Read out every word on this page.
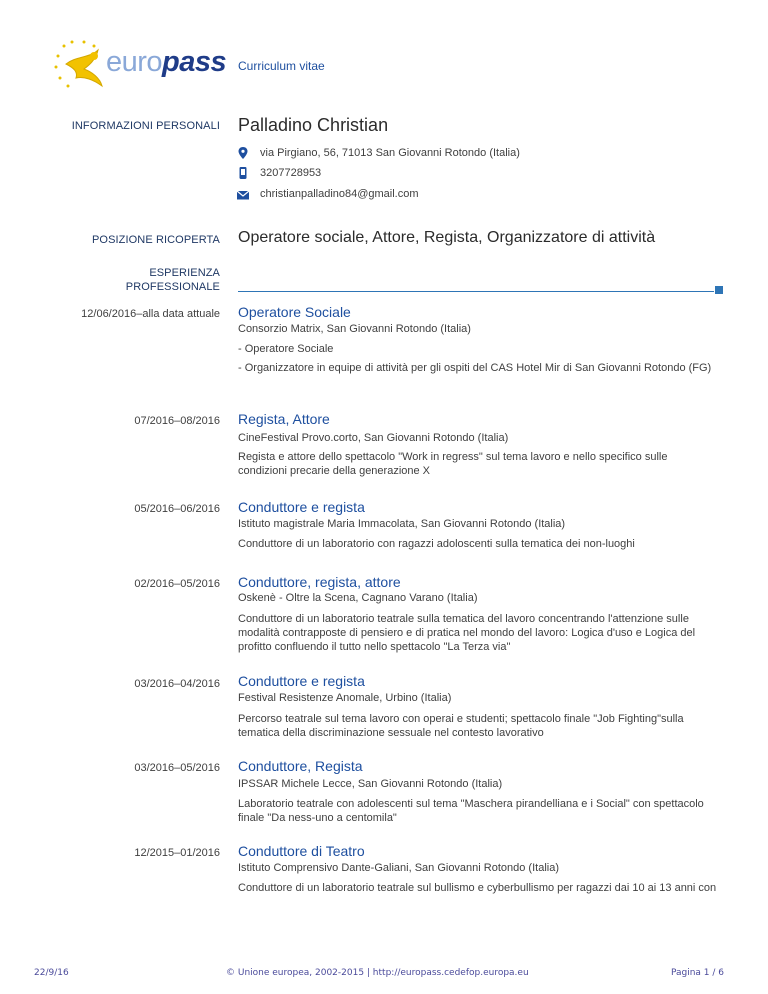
europass Curriculum vitae
INFORMAZIONI PERSONALI Palladino Christian
via Pirgiano, 56, 71013 San Giovanni Rotondo (Italia)
3207728953
christianpalladino84@gmail.com
POSIZIONE RICOPERTA Operatore sociale, Attore, Regista, Organizzatore di attività
ESPERIENZA
PROFESSIONALE
12/06/2016–alla data attuale Operatore Sociale
Consorzio Matrix, San Giovanni Rotondo (Italia)
- Operatore Sociale
- Organizzatore in equipe di attività per gli ospiti del CAS Hotel Mir di San Giovanni Rotondo (FG)
07/2016–08/2016 Regista, Attore
CineFestival Provo.corto, San Giovanni Rotondo (Italia)
Regista e attore dello spettacolo "Work in regress" sul tema lavoro e nello specifico sulle condizioni precarie della generazione X
05/2016–06/2016 Conduttore e regista
Istituto magistrale Maria Immacolata, San Giovanni Rotondo (Italia)
Conduttore di un laboratorio con ragazzi adoloscenti sulla tematica dei non-luoghi
02/2016–05/2016 Conduttore, regista, attore
Oskenè - Oltre la Scena, Cagnano Varano (Italia)
Conduttore di un laboratorio teatrale sulla tematica del lavoro concentrando l'attenzione sulle modalità contrapposte di pensiero e di pratica nel mondo del lavoro: Logica d'uso e Logica del profitto confluendo il tutto nello spettacolo "La Terza via"
03/2016–04/2016 Conduttore e regista
Festival Resistenze Anomale, Urbino (Italia)
Percorso teatrale sul tema lavoro con operai e studenti; spettacolo finale "Job Fighting"sulla tematica della discriminazione sessuale nel contesto lavorativo
03/2016–05/2016 Conduttore, Regista
IPSSAR Michele Lecce, San Giovanni Rotondo (Italia)
Laboratorio teatrale con adolescenti sul tema "Maschera pirandelliana e i Social" con spettacolo finale "Da ness-uno a centomila"
12/2015–01/2016 Conduttore di Teatro
Istituto Comprensivo Dante-Galiani, San Giovanni Rotondo (Italia)
Conduttore di un laboratorio teatrale sul bullismo e cyberbullismo per ragazzi dai 10 ai 13 anni con
22/9/16	© Unione europea, 2002-2015 | http://europass.cedefop.europa.eu	Pagina 1 / 6
